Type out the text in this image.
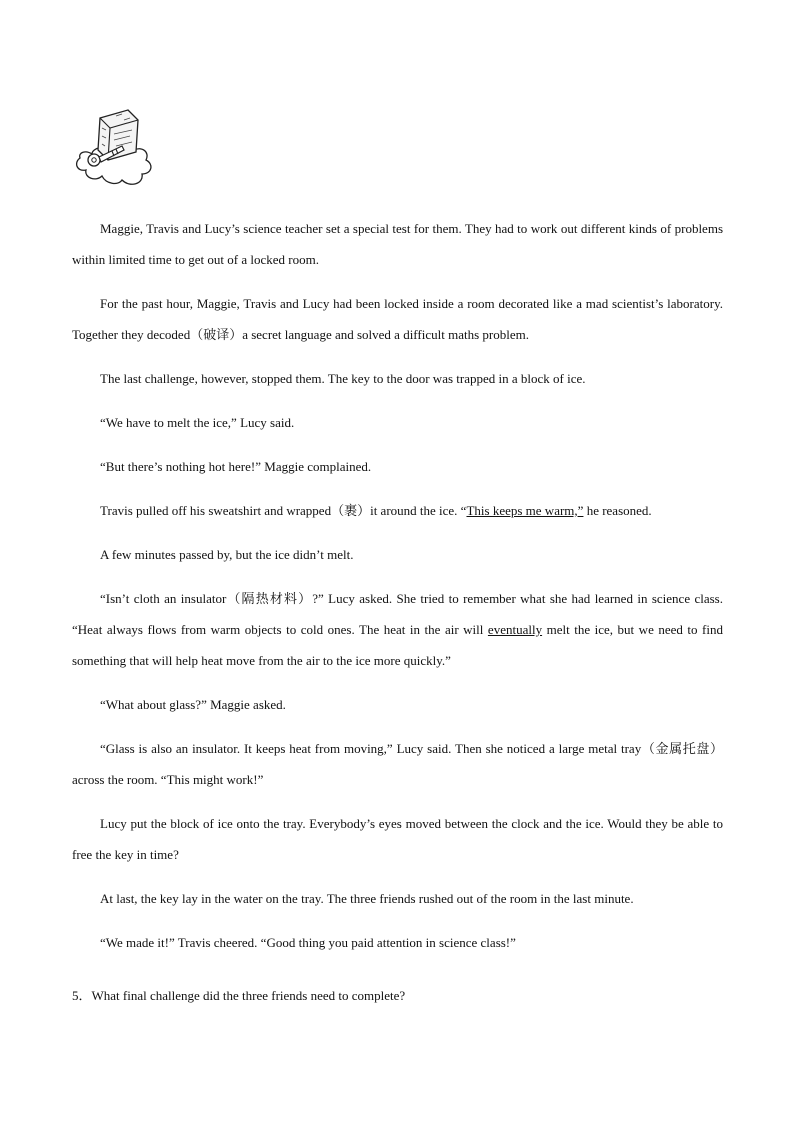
Maggie, Travis and Lucy’s science teacher set a special test for them. They had to work out different kinds of problems within limited time to get out of a locked room.

For the past hour, Maggie, Travis and Lucy had been locked inside a room decorated like a mad scientist’s laboratory. Together they decoded（破译）a secret language and solved a difficult maths problem.

The last challenge, however, stopped them. The key to the door was trapped in a block of ice.

“We have to melt the ice,” Lucy said.

“But there’s nothing hot here!” Maggie complained.

Travis pulled off his sweatshirt and wrapped（裹）it around the ice. “This keeps me warm,” he reasoned.

A few minutes passed by, but the ice didn’t melt.

“Isn’t cloth an insulator（隔热材料）?” Lucy asked. She tried to remember what she had learned in science class. “Heat always flows from warm objects to cold ones. The heat in the air will eventually melt the ice, but we need to find something that will help heat move from the air to the ice more quickly.”

“What about glass?” Maggie asked.

“Glass is also an insulator. It keeps heat from moving,” Lucy said. Then she noticed a large metal tray（金属托盘）across the room. “This might work!”

Lucy put the block of ice onto the tray. Everybody’s eyes moved between the clock and the ice. Would they be able to free the key in time?

At last, the key lay in the water on the tray. The three friends rushed out of the room in the last minute.

“We made it!” Travis cheered. “Good thing you paid attention in science class!”

5．What final challenge did the three friends need to complete?
